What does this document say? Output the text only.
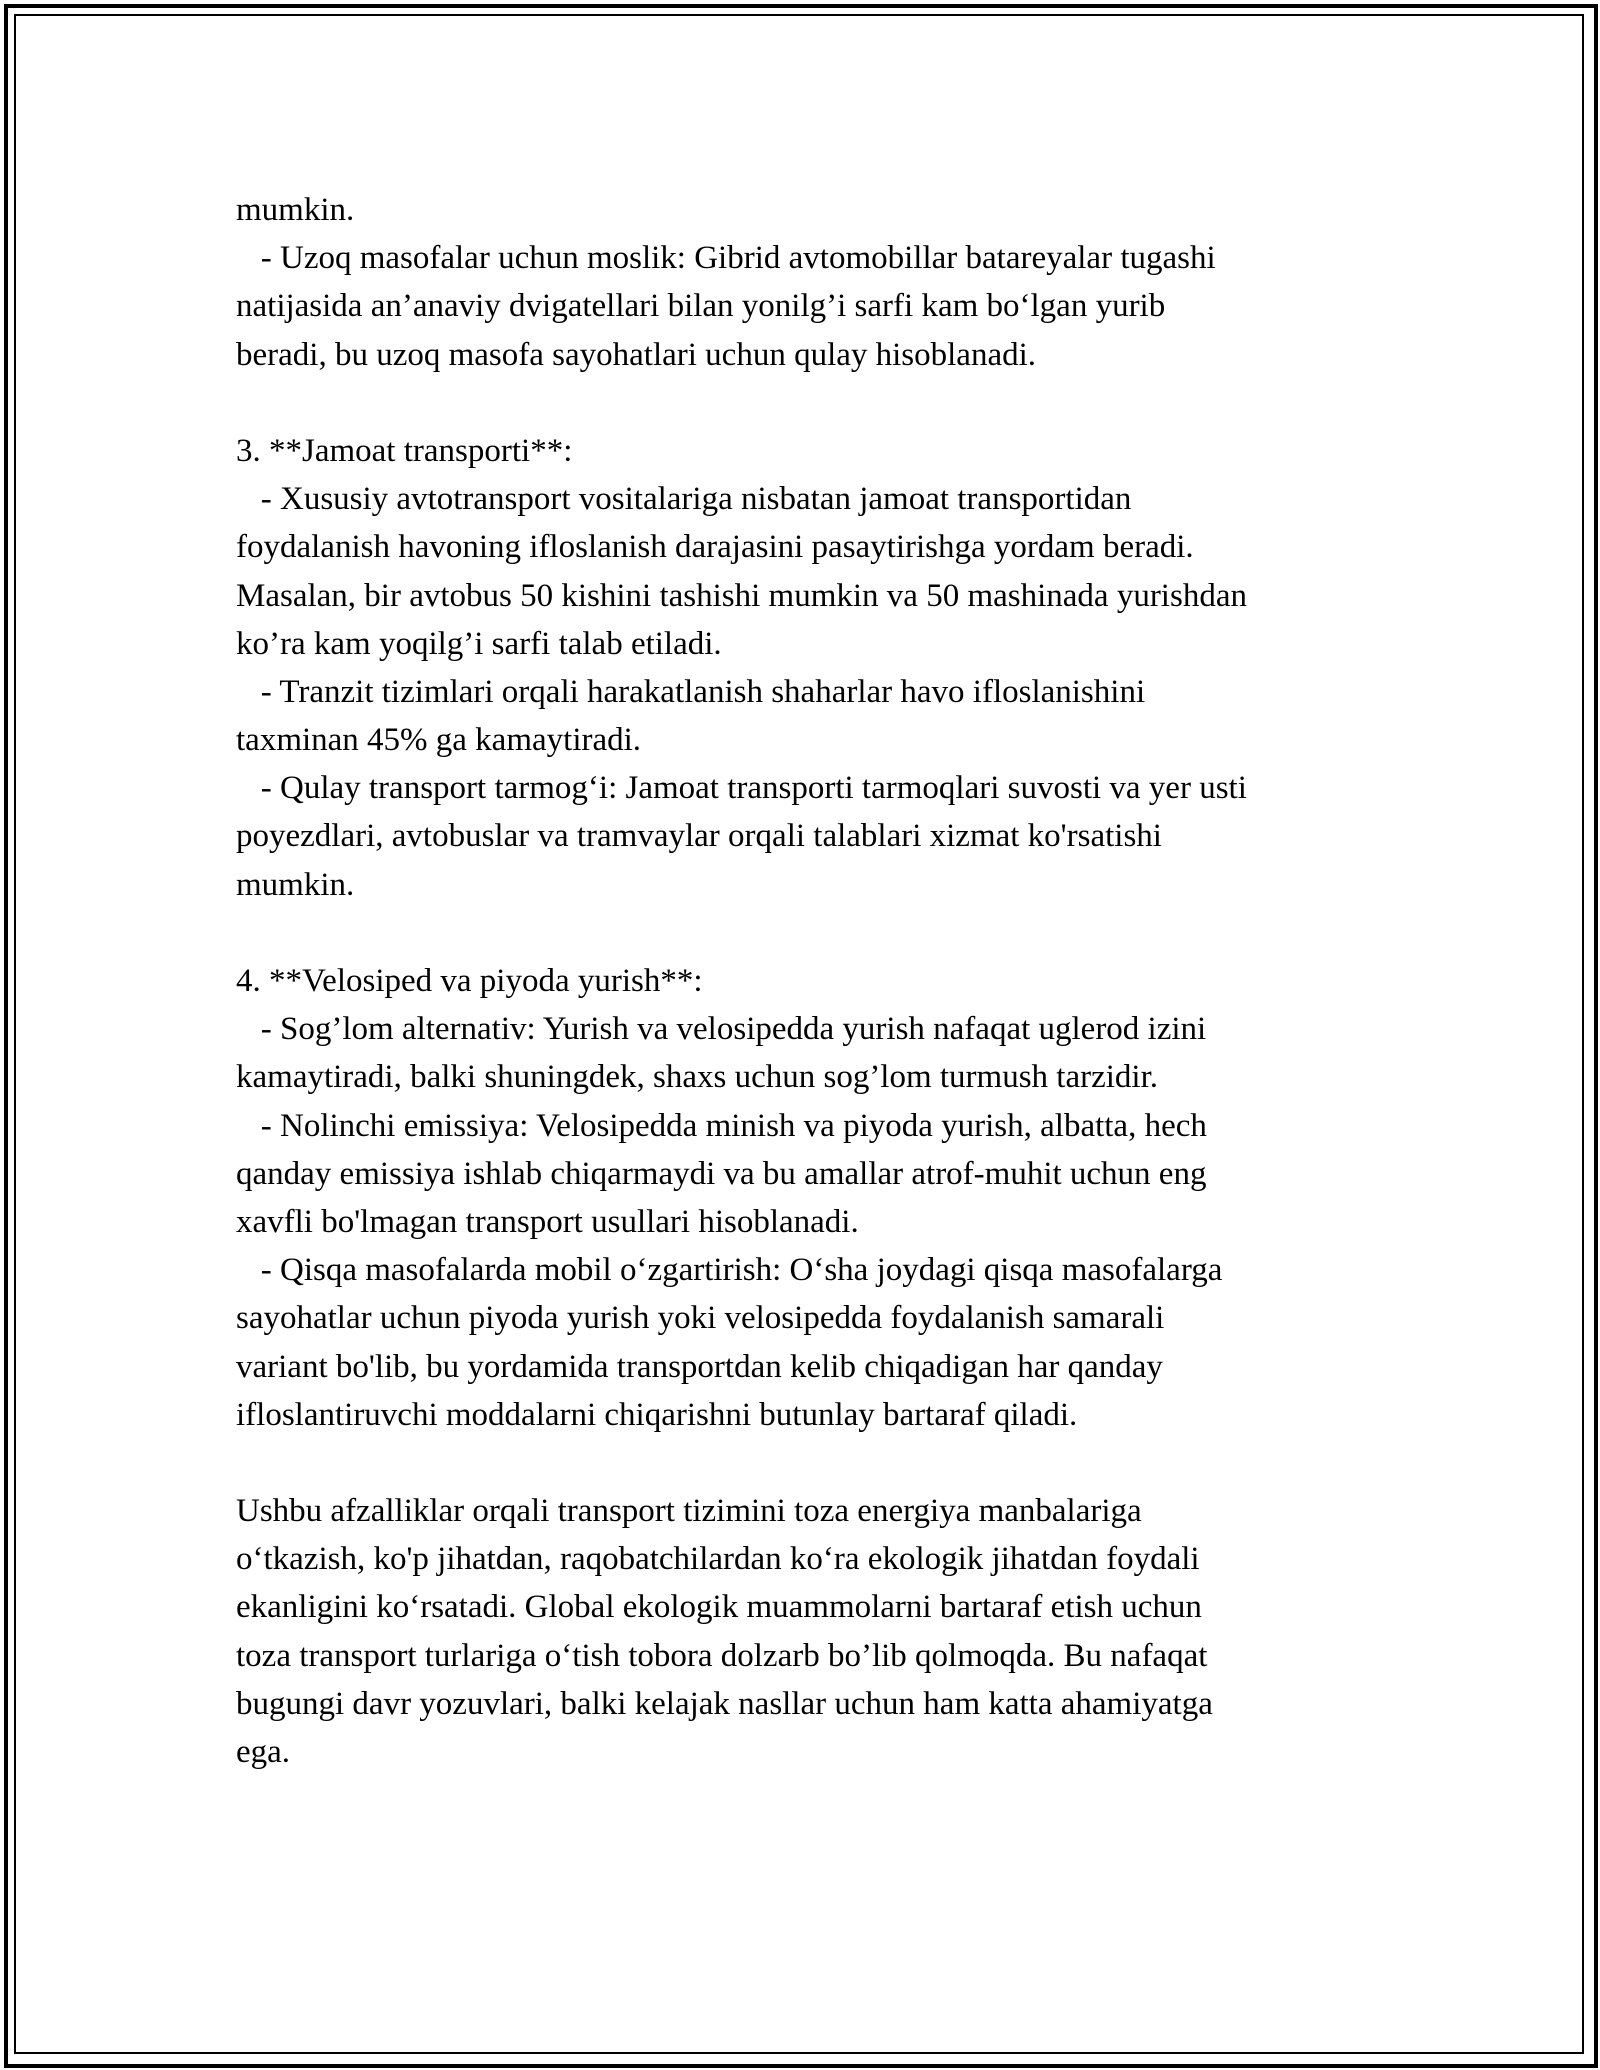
mumkin.
- Uzoq masofalar uchun moslik: Gibrid avtomobillar batareyalar tugashi
natijasida an’anaviy dvigatellari bilan yonilg’i sarfi kam bo‘lgan yurib
beradi, bu uzoq masofa sayohatlari uchun qulay hisoblanadi.
3. **Jamoat transporti**:
- Xususiy avtotransport vositalariga nisbatan jamoat transportidan
foydalanish havoning ifloslanish darajasini pasaytirishga yordam beradi.
Masalan, bir avtobus 50 kishini tashishi mumkin va 50 mashinada yurishdan
ko’ra kam yoqilg’i sarfi talab etiladi.
- Tranzit tizimlari orqali harakatlanish shaharlar havo ifloslanishini
taxminan 45% ga kamaytiradi.
- Qulay transport tarmog‘i: Jamoat transporti tarmoqlari suvosti va yer usti
poyezdlari, avtobuslar va tramvaylar orqali talablari xizmat ko'rsatishi
mumkin.
4. **Velosiped va piyoda yurish**:
- Sog’lom alternativ: Yurish va velosipedda yurish nafaqat uglerod izini
kamaytiradi, balki shuningdek, shaxs uchun sog’lom turmush tarzidir.
- Nolinchi emissiya: Velosipedda minish va piyoda yurish, albatta, hech
qanday emissiya ishlab chiqarmaydi va bu amallar atrof-muhit uchun eng
xavfli bo'lmagan transport usullari hisoblanadi.
- Qisqa masofalarda mobil o‘zgartirish: O‘sha joydagi qisqa masofalarga
sayohatlar uchun piyoda yurish yoki velosipedda foydalanish samarali
variant bo'lib, bu yordamida transportdan kelib chiqadigan har qanday
ifloslantiruvchi moddalarni chiqarishni butunlay bartaraf qiladi.
Ushbu afzalliklar orqali transport tizimini toza energiya manbalariga
o‘tkazish, ko'p jihatdan, raqobatchilardan ko‘ra ekologik jihatdan foydali
ekanligini ko‘rsatadi. Global ekologik muammolarni bartaraf etish uchun
toza transport turlariga o‘tish tobora dolzarb bo’lib qolmoqda. Bu nafaqat
bugungi davr yozuvlari, balki kelajak nasllar uchun ham katta ahamiyatga
ega.
